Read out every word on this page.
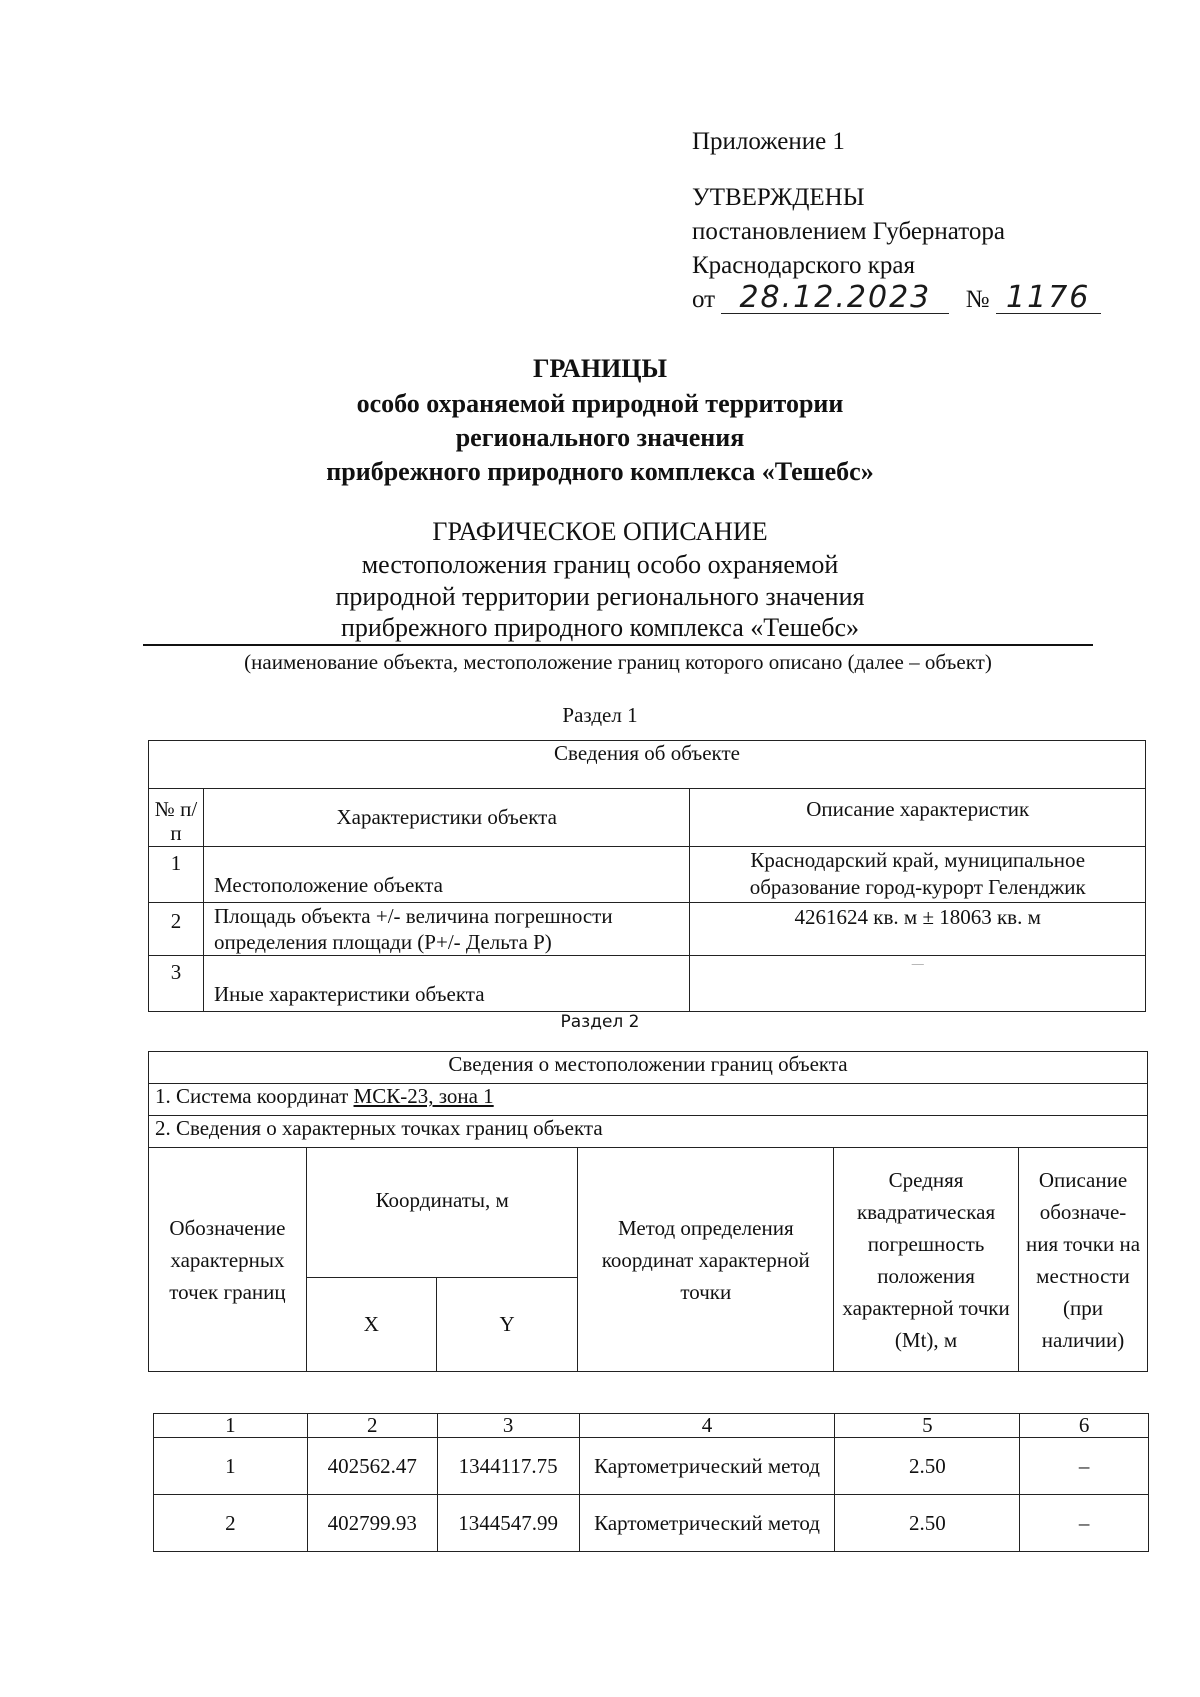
Приложение 1
УТВЕРЖДЕНЫ
постановлением Губернатора
Краснодарского края
от 28.12.2023 № 1176
ГРАНИЦЫ
особо охраняемой природной территории
регионального значения
прибрежного природного комплекса «Тешебс»
ГРАФИЧЕСКОЕ ОПИСАНИЕ
местоположения границ особо охраняемой
природной территории регионального значения
прибрежного природного комплекса «Тешебс»
(наименование объекта, местоположение границ которого описано (далее – объект)
Раздел 1
Сведения об объекте		
№ п/п	Характеристики объекта	Описание характеристик
1	Местоположение объекта	Краснодарский край, муниципальное образование город-курорт Геленджик
2	Площадь объекта +/- величина погрешности определения площади (P+/- Дельта P)	4261624 кв. м ± 18063 кв. м
3	Иные характеристики объекта	—
Раздел 2
Сведения о местоположении границ объекта					
1. Система координат МСК-23, зона 1					
2. Сведения о характерных точках границ объекта					
Обозначение характерных точек границ	Координаты, м		Метод определения координат характерной точки	Средняя квадратическая погрешность положения характерной точки (Mt), м	Описание обозначе-ния точки на местности (при наличии)
	X	Y			
1	2	3	4	5	6
1	402562.47	1344117.75	Картометрический метод	2.50	–
2	402799.93	1344547.99	Картометрический метод	2.50	–
